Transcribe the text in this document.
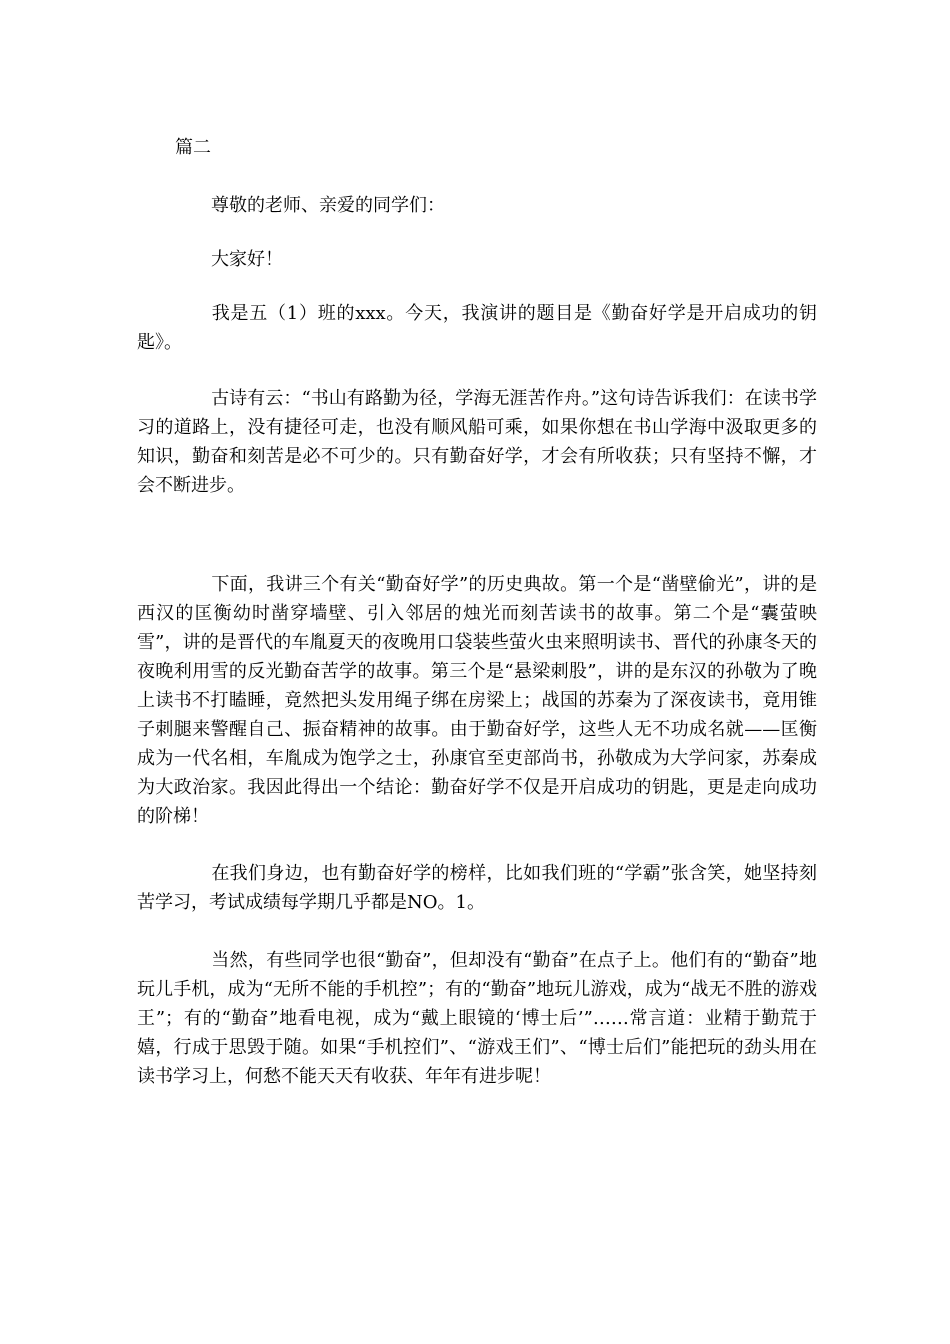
篇二

尊敬的老师、亲爱的同学们：

大家好！

我是五（1）班的xxx。今天，我演讲的题目是《勤奋好学是开启成功的钥匙》。

古诗有云：“书山有路勤为径，学海无涯苦作舟。”这句诗告诉我们：在读书学习的道路上，没有捷径可走，也没有顺风船可乘，如果你想在书山学海中汲取更多的知识，勤奋和刻苦是必不可少的。只有勤奋好学，才会有所收获；只有坚持不懈，才会不断进步。

下面，我讲三个有关“勤奋好学”的历史典故。第一个是“凿壁偷光”，讲的是西汉的匡衡幼时凿穿墙壁、引入邻居的烛光而刻苦读书的故事。第二个是“囊萤映雪”，讲的是晋代的车胤夏天的夜晚用口袋装些萤火虫来照明读书、晋代的孙康冬天的夜晚利用雪的反光勤奋苦学的故事。第三个是“悬梁刺股”，讲的是东汉的孙敬为了晚上读书不打瞌睡，竟然把头发用绳子绑在房梁上；战国的苏秦为了深夜读书，竟用锥子刺腿来警醒自己、振奋精神的故事。由于勤奋好学，这些人无不功成名就——匡衡成为一代名相，车胤成为饱学之士，孙康官至吏部尚书，孙敬成为大学问家，苏秦成为大政治家。我因此得出一个结论：勤奋好学不仅是开启成功的钥匙，更是走向成功的阶梯！

在我们身边，也有勤奋好学的榜样，比如我们班的“学霸”张含笑，她坚持刻苦学习，考试成绩每学期几乎都是NO。1。

当然，有些同学也很“勤奋”，但却没有“勤奋”在点子上。他们有的“勤奋”地玩儿手机，成为“无所不能的手机控”；有的“勤奋”地玩儿游戏，成为“战无不胜的游戏王”；有的“勤奋”地看电视，成为“戴上眼镜的‘博士后’”……常言道：业精于勤荒于嬉，行成于思毁于随。如果“手机控们”、“游戏王们”、“博士后们”能把玩的劲头用在读书学习上，何愁不能天天有收获、年年有进步呢！
